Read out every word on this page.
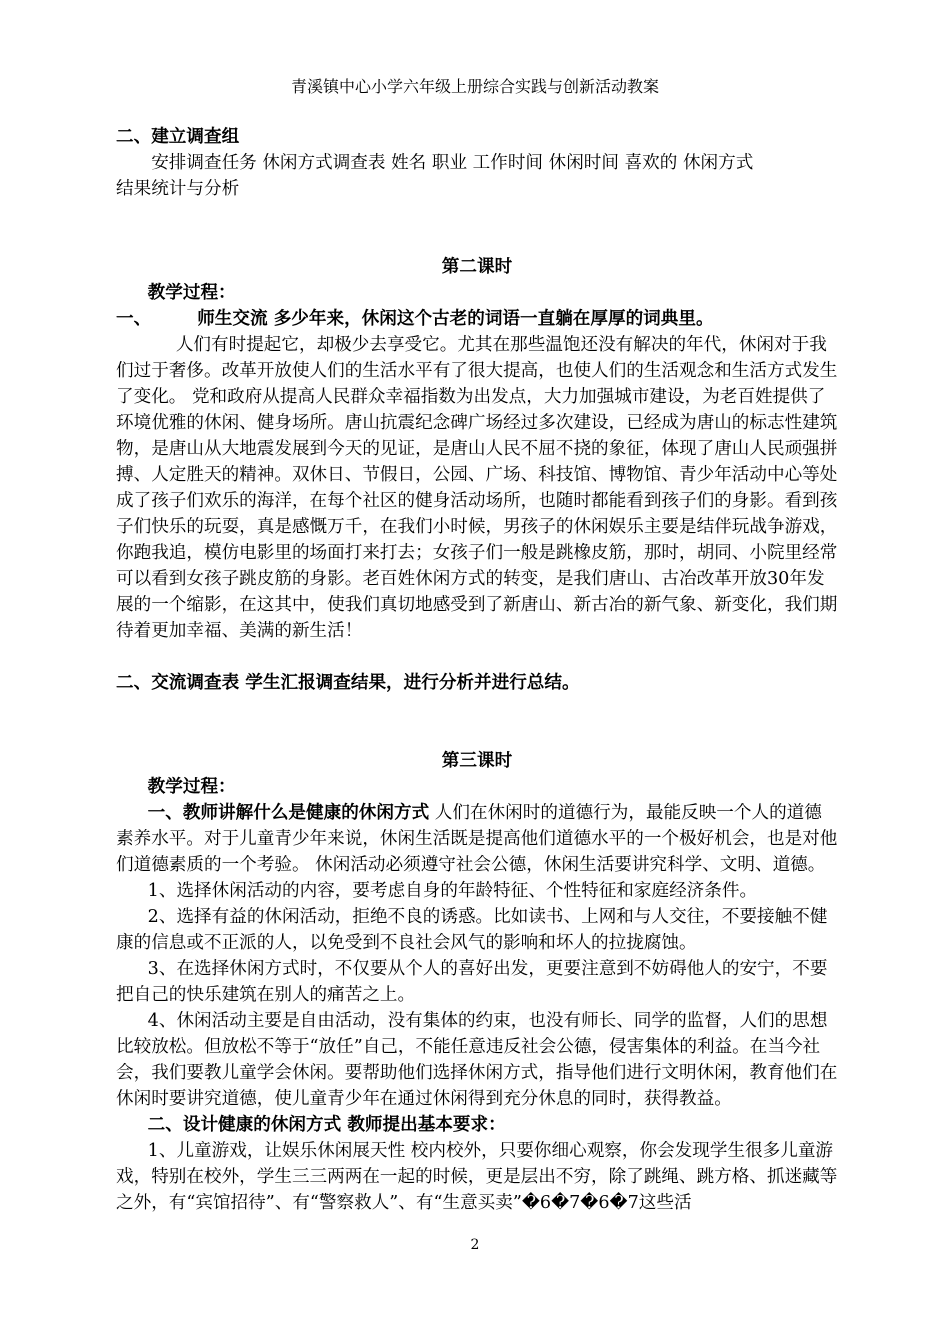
青溪镇中心小学六年级上册综合实践与创新活动教案

二、建立调查组

安排调查任务 休闲方式调查表 姓名 职业 工作时间 休闲时间 喜欢的 休闲方式

结果统计与分析

第二课时

教学过程：

一、	师生交流 多少年来，休闲这个古老的词语一直躺在厚厚的词典里。

人们有时提起它，却极少去享受它。尤其在那些温饱还没有解决的年代，休闲对于我们过于奢侈。改革开放使人们的生活水平有了很大提高，也使人们的生活观念和生活方式发生了变化。 党和政府从提高人民群众幸福指数为出发点，大力加强城市建设，为老百姓提供了环境优雅的休闲、健身场所。唐山抗震纪念碑广场经过多次建设，已经成为唐山的标志性建筑物，是唐山从大地震发展到今天的见证，是唐山人民不屈不挠的象征，体现了唐山人民顽强拼搏、人定胜天的精神。双休日、节假日，公园、广场、科技馆、博物馆、青少年活动中心等处成了孩子们欢乐的海洋，在每个社区的健身活动场所，也随时都能看到孩子们的身影。看到孩子们快乐的玩耍，真是感慨万千，在我们小时候，男孩子的休闲娱乐主要是结伴玩战争游戏，你跑我追，模仿电影里的场面打来打去；女孩子们一般是跳橡皮筋，那时，胡同、小院里经常可以看到女孩子跳皮筋的身影。老百姓休闲方式的转变，是我们唐山、古冶改革开放30年发展的一个缩影，在这其中，使我们真切地感受到了新唐山、新古冶的新气象、新变化，我们期待着更加幸福、美满的新生活！

二、交流调查表 学生汇报调查结果，进行分析并进行总结。

第三课时

教学过程：

一、教师讲解什么是健康的休闲方式 人们在休闲时的道德行为，最能反映一个人的道德素养水平。对于儿童青少年来说，休闲生活既是提高他们道德水平的一个极好机会，也是对他们道德素质的一个考验。 休闲活动必须遵守社会公德，休闲生活要讲究科学、文明、道德。

1、选择休闲活动的内容，要考虑自身的年龄特征、个性特征和家庭经济条件。

2、选择有益的休闲活动，拒绝不良的诱惑。比如读书、上网和与人交往，不要接触不健康的信息或不正派的人，以免受到不良社会风气的影响和坏人的拉拢腐蚀。

3、在选择休闲方式时，不仅要从个人的喜好出发，更要注意到不妨碍他人的安宁，不要把自己的快乐建筑在别人的痛苦之上。

4、休闲活动主要是自由活动，没有集体的约束，也没有师长、同学的监督，人们的思想比较放松。但放松不等于“放任”自己，不能任意违反社会公德，侵害集体的利益。在当今社会，我们要教儿童学会休闲。要帮助他们选择休闲方式，指导他们进行文明休闲，教育他们在休闲时要讲究道德，使儿童青少年在通过休闲得到充分休息的同时，获得教益。

二、设计健康的休闲方式 教师提出基本要求：

1、儿童游戏，让娱乐休闲展天性 校内校外，只要你细心观察，你会发现学生很多儿童游戏，特别在校外，学生三三两两在一起的时候，更是层出不穷，除了跳绳、跳方格、抓迷藏等之外，有“宾馆招待”、有“警察救人”、有“生意买卖”�6�7�6�7这些活

2
